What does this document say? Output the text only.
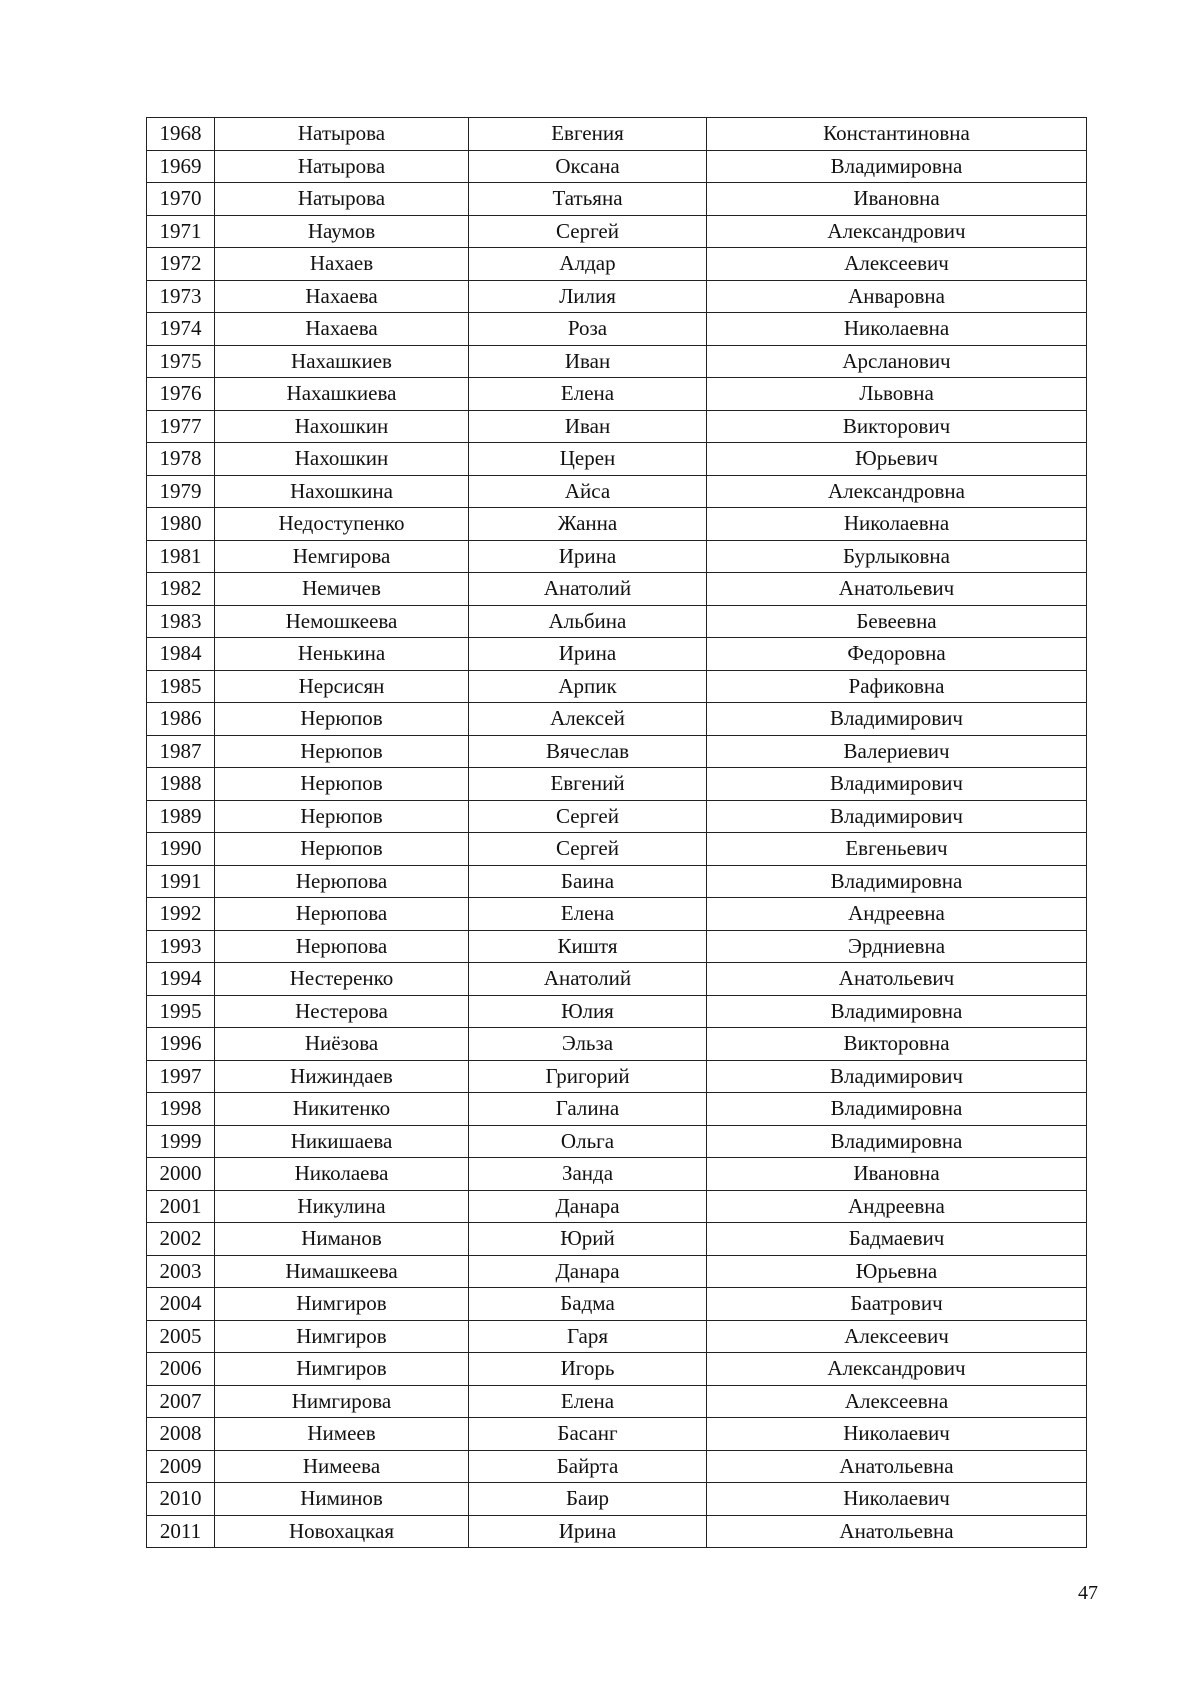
1968	Натырова	Евгения	Константиновна
1969	Натырова	Оксана	Владимировна
1970	Натырова	Татьяна	Ивановна
1971	Наумов	Сергей	Александрович
1972	Нахаев	Алдар	Алексеевич
1973	Нахаева	Лилия	Анваровна
1974	Нахаева	Роза	Николаевна
1975	Нахашкиев	Иван	Арсланович
1976	Нахашкиева	Елена	Львовна
1977	Нахошкин	Иван	Викторович
1978	Нахошкин	Церен	Юрьевич
1979	Нахошкина	Айса	Александровна
1980	Недоступенко	Жанна	Николаевна
1981	Немгирова	Ирина	Бурлыковна
1982	Немичев	Анатолий	Анатольевич
1983	Немошкеева	Альбина	Бевеевна
1984	Ненькина	Ирина	Федоровна
1985	Нерсисян	Арпик	Рафиковна
1986	Нерюпов	Алексей	Владимирович
1987	Нерюпов	Вячеслав	Валериевич
1988	Нерюпов	Евгений	Владимирович
1989	Нерюпов	Сергей	Владимирович
1990	Нерюпов	Сергей	Евгеньевич
1991	Нерюпова	Баина	Владимировна
1992	Нерюпова	Елена	Андреевна
1993	Нерюпова	Киштя	Эрдниевна
1994	Нестеренко	Анатолий	Анатольевич
1995	Нестерова	Юлия	Владимировна
1996	Ниёзова	Эльза	Викторовна
1997	Нижиндаев	Григорий	Владимирович
1998	Никитенко	Галина	Владимировна
1999	Никишаева	Ольга	Владимировна
2000	Николаева	Занда	Ивановна
2001	Никулина	Данара	Андреевна
2002	Ниманов	Юрий	Бадмаевич
2003	Нимашкеева	Данара	Юрьевна
2004	Нимгиров	Бадма	Баатрович
2005	Нимгиров	Гаря	Алексеевич
2006	Нимгиров	Игорь	Александрович
2007	Нимгирова	Елена	Алексеевна
2008	Нимеев	Басанг	Николаевич
2009	Нимеева	Байрта	Анатольевна
2010	Ниминов	Баир	Николаевич
2011	Новохацкая	Ирина	Анатольевна
47
